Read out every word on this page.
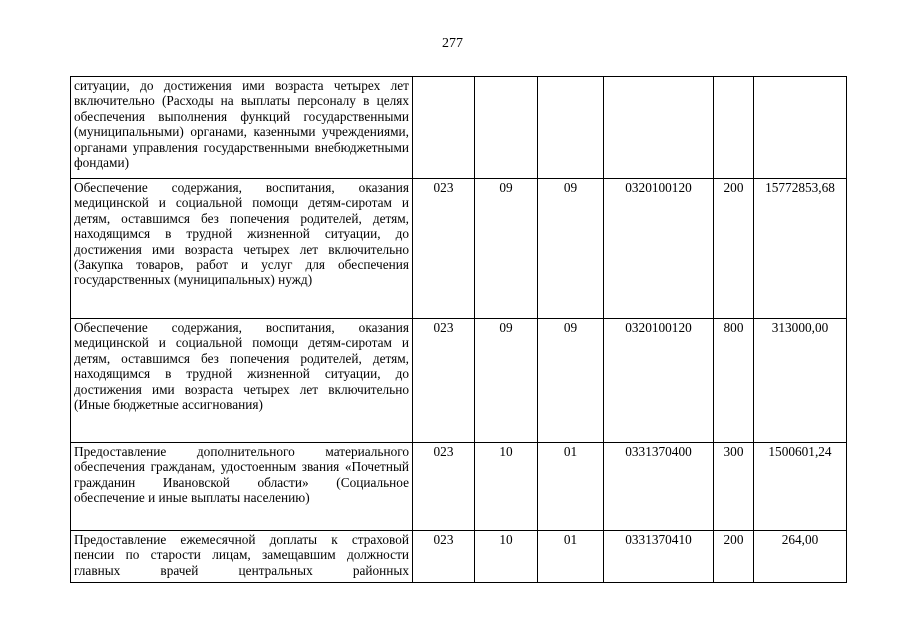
277
ситуации, до достижения ими возраста четырех лет включительно (Расходы на выплаты персоналу в целях обеспечения выполнения функций государственными (муниципальными) органами, казенными учреждениями, органами управления государственными внебюджетными фондами)						
Обеспечение содержания, воспитания, оказания медицинской и социальной помощи детям-сиротам и детям, оставшимся без попечения родителей, детям, находящимся в трудной жизненной ситуации, до достижения ими возраста четырех лет включительно (Закупка товаров, работ и услуг для обеспечения государственных (муниципальных) нужд)	023	09	09	0320100120	200	15772853,68
Обеспечение содержания, воспитания, оказания медицинской и социальной помощи детям-сиротам и детям, оставшимся без попечения родителей, детям, находящимся в трудной жизненной ситуации, до достижения ими возраста четырех лет включительно (Иные бюджетные ассигнования)	023	09	09	0320100120	800	313000,00
Предоставление дополнительного материального обеспечения гражданам, удостоенным звания «Почетный гражданин Ивановской области» (Социальное обеспечение и иные выплаты населению)	023	10	01	0331370400	300	1500601,24
Предоставление ежемесячной доплаты к страховой пенсии по старости лицам, замещавшим должности главных врачей центральных районных	023	10	01	0331370410	200	264,00
